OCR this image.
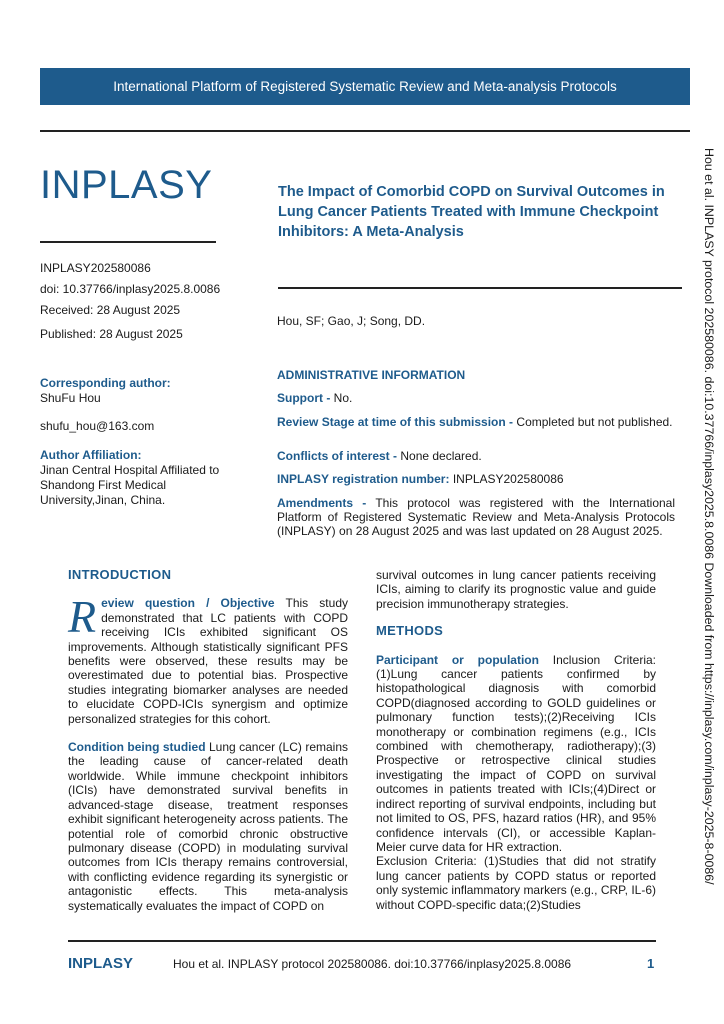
International Platform of Registered Systematic Review and Meta-analysis Protocols
INPLASY	The Impact of Comorbid COPD on Survival Outcomes in Lung Cancer Patients Treated with Immune Checkpoint Inhibitors: A Meta-Analysis
INPLASY202580086
doi: 10.37766/inplasy2025.8.0086
Received: 28 August 2025
Published: 28 August 2025
Hou, SF; Gao, J; Song, DD.
Corresponding author:
ShuFu Hou
shufu_hou@163.com
Author Affiliation:
Jinan Central Hospital Affiliated to Shandong First Medical University,Jinan, China.
ADMINISTRATIVE INFORMATION
Support - No.
Review Stage at time of this submission - Completed but not published.
Conflicts of interest - None declared.
INPLASY registration number: INPLASY202580086
Amendments - This protocol was registered with the International Platform of Registered Systematic Review and Meta-Analysis Protocols (INPLASY) on 28 August 2025 and was last updated on 28 August 2025.
INTRODUCTION

Review question / Objective This study demonstrated that LC patients with COPD receiving ICIs exhibited significant OS improvements. Although statistically significant PFS benefits were observed, these results may be overestimated due to potential bias. Prospective studies integrating biomarker analyses are needed to elucidate COPD-ICIs synergism and optimize personalized strategies for this cohort.

Condition being studied Lung cancer (LC) remains the leading cause of cancer-related death worldwide. While immune checkpoint inhibitors (ICIs) have demonstrated survival benefits in advanced-stage disease, treatment responses exhibit significant heterogeneity across patients. The potential role of comorbid chronic obstructive pulmonary disease (COPD) in modulating survival outcomes from ICIs therapy remains controversial, with conflicting evidence regarding its synergistic or antagonistic effects. This meta-analysis systematically evaluates the impact of COPD on

survival outcomes in lung cancer patients receiving ICIs, aiming to clarify its prognostic value and guide precision immunotherapy strategies.

METHODS

Participant or population Inclusion Criteria: (1)Lung cancer patients confirmed by histopathological diagnosis with comorbid COPD(diagnosed according to GOLD guidelines or pulmonary function tests);(2)Receiving ICIs monotherapy or combination regimens (e.g., ICIs combined with chemotherapy, radiotherapy);(3) Prospective or retrospective clinical studies investigating the impact of COPD on survival outcomes in patients treated with ICIs;(4)Direct or indirect reporting of survival endpoints, including but not limited to OS, PFS, hazard ratios (HR), and 95% confidence intervals (CI), or accessible Kaplan-Meier curve data for HR extraction.

Exclusion Criteria: (1)Studies that did not stratify lung cancer patients by COPD status or reported only systemic inflammatory markers (e.g., CRP, IL-6) without COPD-specific data;(2)Studies

Hou et al. INPLASY protocol 202580086. doi:10.37766/inplasy2025.8.0086 Downloaded from https://inplasy.com/inplasy-2025-8-0086/
INPLASY	Hou et al. INPLASY protocol 202580086. doi:10.37766/inplasy2025.8.0086	1
